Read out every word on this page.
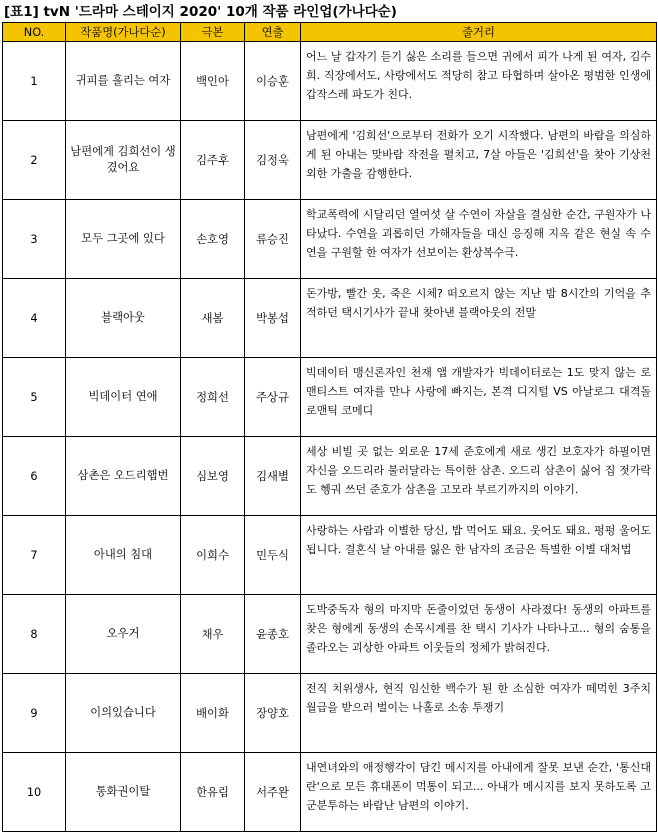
[표1] tvN '드라마 스테이지 2020' 10개 작품 라인업(가나다순)
NO.	작품명(가나다순)	극본	연출	줄거리
1	귀피를 흘리는 여자	백인아	이승훈	어느 날 갑자기 듣기 싫은 소리를 들으면 귀에서 피가 나게 된 여자, 김수희. 직장에서도, 사랑에서도 적당히 참고 타협하며 살아온 평범한 인생에 갑작스레 파도가 친다.
2	남편에게 김희선이 생겼어요	김주후	김정욱	남편에게 '김희선'으로부터 전화가 오기 시작했다. 남편의 바람을 의심하게 된 아내는 맞바람 작전을 펼치고, 7살 아들은 '김희선'을 찾아 기상천외한 가출을 감행한다.
3	모두 그곳에 있다	손호영	류승진	학교폭력에 시달리던 열여섯 살 수연이 자살을 결심한 순간, 구원자가 나타났다. 수연을 괴롭히던 가해자들을 대신 응징해 지옥 같은 현실 속 수연을 구원할 한 여자가 선보이는 환상복수극.
4	블랙아웃	새봄	박봉섭	돈가방, 빨간 옷, 죽은 시체? 떠오르지 않는 지난 밤 8시간의 기억을 추적하던 택시기사가 끝내 찾아낸 블랙아웃의 전말
5	빅데이터 연애	정희선	주상규	빅데이터 맹신론자인 천재 앱 개발자가 빅데이터로는 1도 맞지 않는 로맨티스트 여자를 만나 사랑에 빠지는, 본격 디지털 VS 아날로그 대격돌 로맨틱 코메디
6	삼촌은 오드리햅번	심보영	김새별	세상 비빌 곳 없는 외로운 17세 준호에게 새로 생긴 보호자가 하필이면 자신을 오드리라 불러달라는 특이한 삼촌. 오드리 삼촌이 싫어 집 젓가락도 헹궈 쓰던 준호가 삼촌을 고모라 부르기까지의 이야기.
7	아내의 침대	이희수	민두식	사랑하는 사람과 이별한 당신, 밥 먹어도 돼요. 웃어도 돼요. 펑펑 울어도 됩니다. 결혼식 날 아내를 잃은 한 남자의 조금은 특별한 이별 대처법
8	오우거	채우	윤종호	도박중독자 형의 마지막 돈줄이었던 동생이 사라졌다! 동생의 아파트를 찾은 형에게 동생의 손목시계를 찬 택시 기사가 나타나고... 형의 숨통을 졸라오는 괴상한 아파트 이웃들의 정체가 밝혀진다.
9	이의있습니다	배이화	장양호	전직 치위생사, 현직 임신한 백수가 된 한 소심한 여자가 떼먹힌 3주치 월급을 받으러 벌이는 나홀로 소송 투쟁기
10	통화권이탈	한유림	서주완	내연녀와의 애정행각이 담긴 메시지를 아내에게 잘못 보낸 순간, '통신대란'으로 모든 휴대폰이 먹통이 되고... 아내가 메시지를 보지 못하도록 고군분투하는 바람난 남편의 이야기.
